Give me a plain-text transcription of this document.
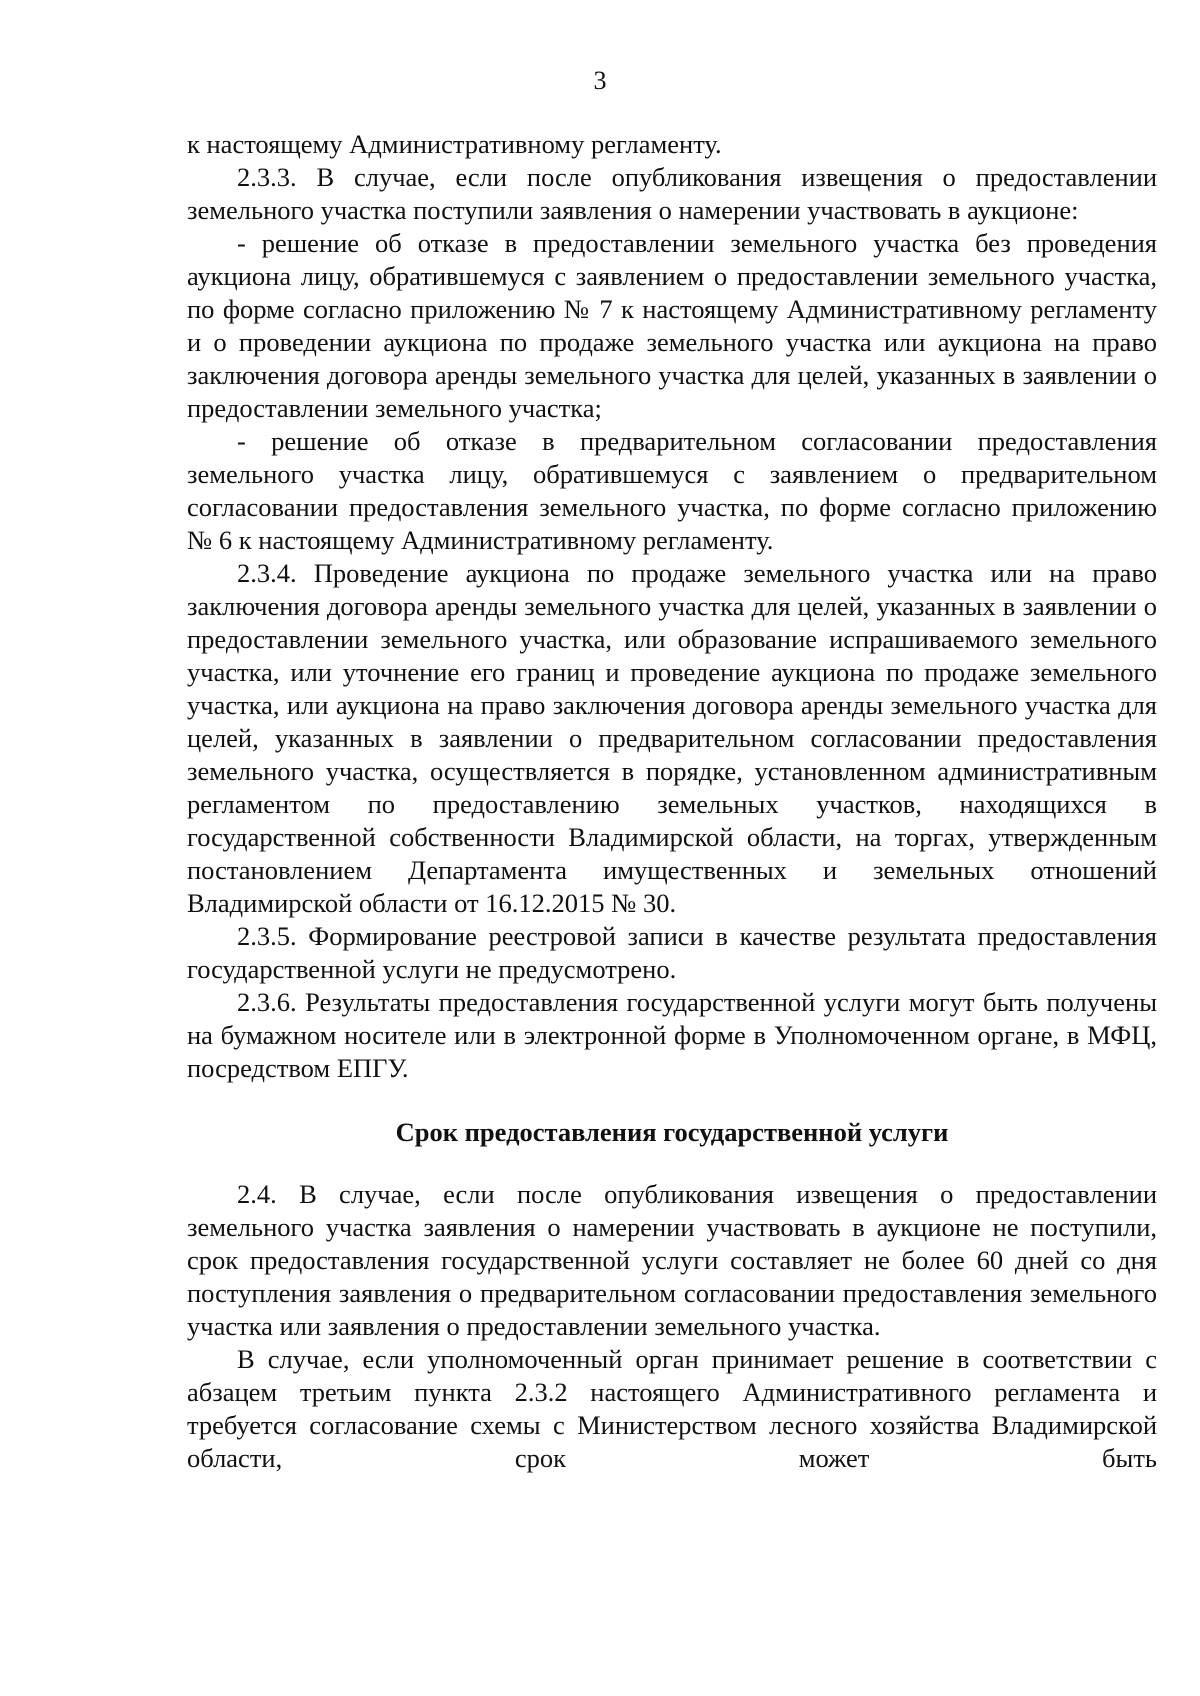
3

к настоящему Административному регламенту.

2.3.3. В случае, если после опубликования извещения о предоставлении земельного участка поступили заявления о намерении участвовать в аукционе:

- решение об отказе в предоставлении земельного участка без проведения аукциона лицу, обратившемуся с заявлением о предоставлении земельного участка, по форме согласно приложению № 7 к настоящему Административному регламенту и о проведении аукциона по продаже земельного участка или аукциона на право заключения договора аренды земельного участка для целей, указанных в заявлении о предоставлении земельного участка;

- решение об отказе в предварительном согласовании предоставления земельного участка лицу, обратившемуся с заявлением о предварительном согласовании предоставления земельного участка, по форме согласно приложению № 6 к настоящему Административному регламенту.

2.3.4. Проведение аукциона по продаже земельного участка или на право заключения договора аренды земельного участка для целей, указанных в заявлении о предоставлении земельного участка, или образование испрашиваемого земельного участка, или уточнение его границ и проведение аукциона по продаже земельного участка, или аукциона на право заключения договора аренды земельного участка для целей, указанных в заявлении о предварительном согласовании предоставления земельного участка, осуществляется в порядке, установленном административным регламентом по предоставлению земельных участков, находящихся в государственной собственности Владимирской области, на торгах, утвержденным постановлением Департамента имущественных и земельных отношений Владимирской области от 16.12.2015 № 30.

2.3.5. Формирование реестровой записи в качестве результата предоставления государственной услуги не предусмотрено.

2.3.6. Результаты предоставления государственной услуги могут быть получены на бумажном носителе или в электронной форме в Уполномоченном органе, в МФЦ, посредством ЕПГУ.

Срок предоставления государственной услуги

2.4. В случае, если после опубликования извещения о предоставлении земельного участка заявления о намерении участвовать в аукционе не поступили, срок предоставления государственной услуги составляет не более 60 дней со дня поступления заявления о предварительном согласовании предоставления земельного участка или заявления о предоставлении земельного участка.

В случае, если уполномоченный орган принимает решение в соответствии с абзацем третьим пункта 2.3.2 настоящего Административного регламента и требуется согласование схемы с Министерством лесного хозяйства Владимирской области, срок может быть
